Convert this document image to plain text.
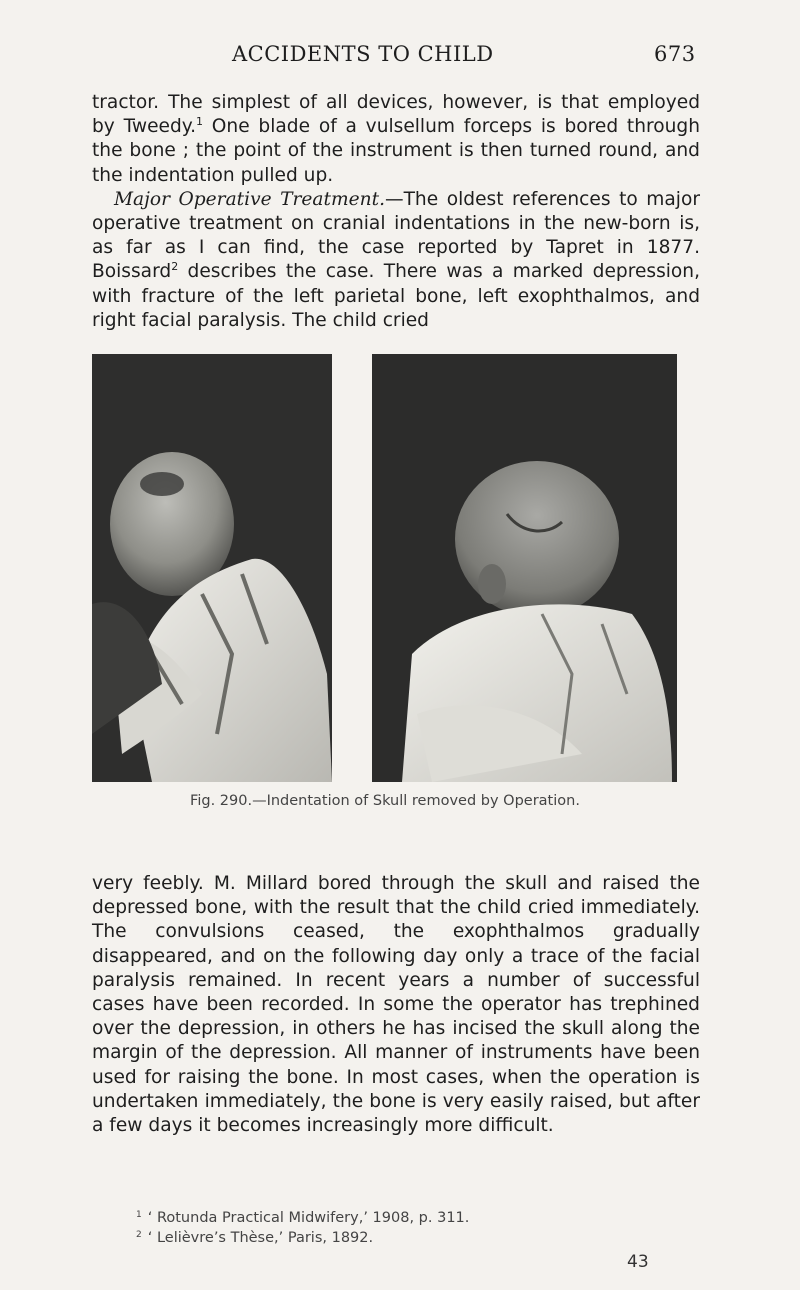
ACCIDENTS TO CHILD	673

tractor. The simplest of all devices, however, is that employed by Tweedy.$^1$ One blade of a vulsellum forceps is bored through the bone ; the point of the instrument is then turned round, and the indentation pulled up.

Major Operative Treatment.—The oldest references to major operative treatment on cranial indentations in the new-born is, as far as I can find, the case reported by Tapret in 1877. Boissard$^2$ describes the case. There was a marked depression, with fracture of the left parietal bone, left exophthalmos, and right facial paralysis. The child cried

Fig. 290.—Indentation of Skull removed by Operation.

very feebly. M. Millard bored through the skull and raised the depressed bone, with the result that the child cried immediately. The convulsions ceased, the exophthalmos gradually disappeared, and on the following day only a trace of the facial paralysis remained. In recent years a number of successful cases have been recorded. In some the operator has trephined over the depression, in others he has incised the skull along the margin of the depression. All manner of instruments have been used for raising the bone. In most cases, when the operation is undertaken immediately, the bone is very easily raised, but after a few days it becomes increasingly more difficult.

$^1$ ‘ Rotunda Practical Midwifery,’ 1908, p. 311.
$^2$ ‘ Lelièvre’s Thèse,’ Paris, 1892.
43
